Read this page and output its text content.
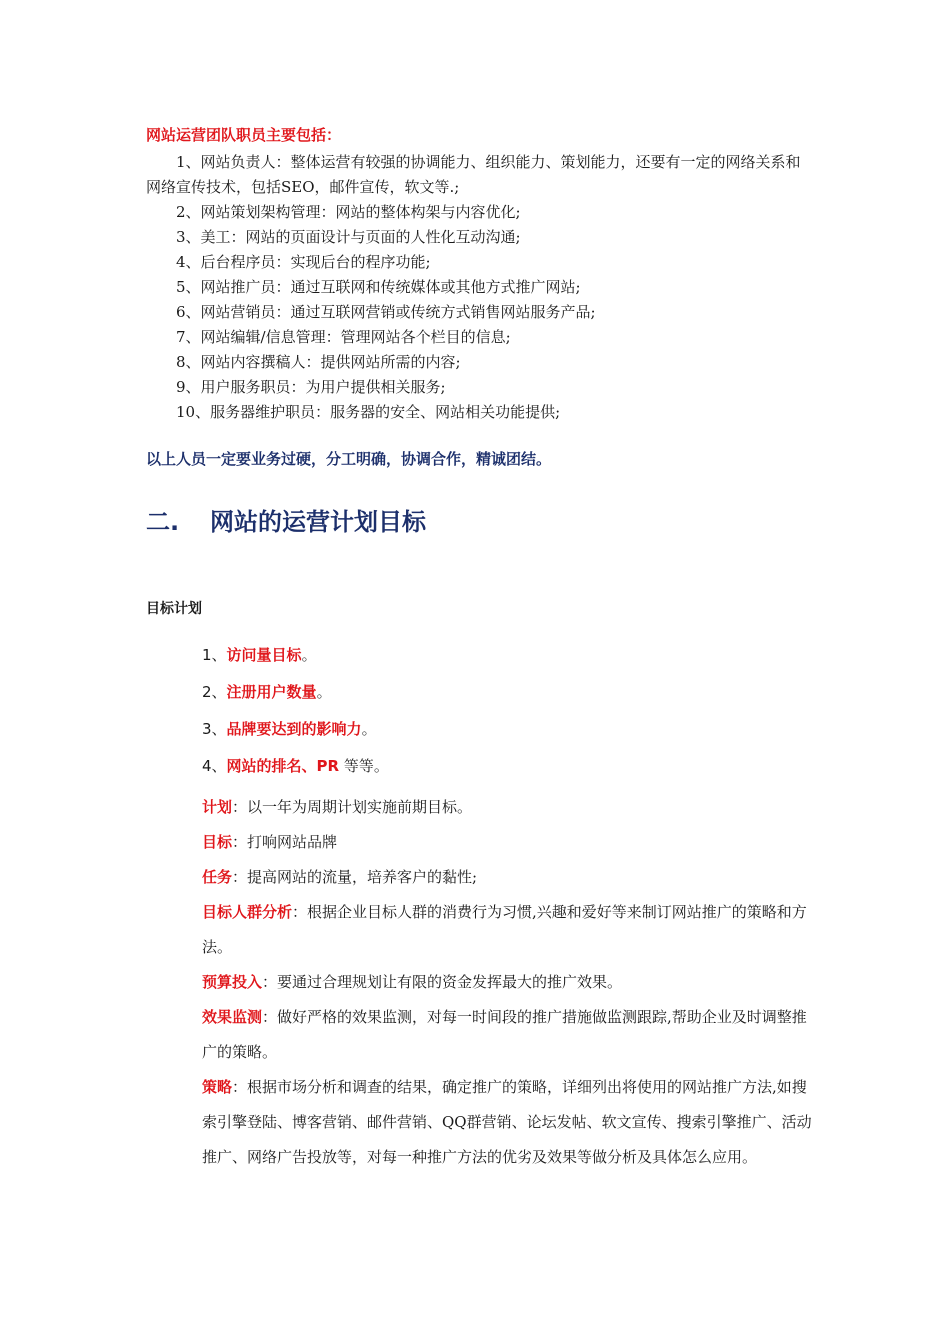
网站运营团队职员主要包括：

1、网站负责人：整体运营有较强的协调能力、组织能力、策划能力，还要有一定的网络关系和网络宣传技术，包括SEO，邮件宣传，软文等.;

2、网站策划架构管理：网站的整体构架与内容优化;

3、美工：网站的页面设计与页面的人性化互动沟通;

4、后台程序员：实现后台的程序功能;

5、网站推广员：通过互联网和传统媒体或其他方式推广网站;

6、网站营销员：通过互联网营销或传统方式销售网站服务产品;

7、网站编辑/信息管理：管理网站各个栏目的信息;

8、网站内容撰稿人：提供网站所需的内容;

9、用户服务职员：为用户提供相关服务;

10、服务器维护职员：服务器的安全、网站相关功能提供;

以上人员一定要业务过硬，分工明确，协调合作，精诚团结。
二. 网站的运营计划目标
目标计划
1、访问量目标。
2、注册用户数量。
3、品牌要达到的影响力。
4、网站的排名、PR 等等。

计划：以一年为周期计划实施前期目标。

目标：打响网站品牌

任务：提高网站的流量，培养客户的黏性;

目标人群分析：根据企业目标人群的消费行为习惯,兴趣和爱好等来制订网站推广的策略和方法。

预算投入：要通过合理规划让有限的资金发挥最大的推广效果。

效果监测：做好严格的效果监测，对每一时间段的推广措施做监测跟踪,帮助企业及时调整推广的策略。

策略：根据市场分析和调查的结果，确定推广的策略，详细列出将使用的网站推广方法,如搜索引擎登陆、博客营销、邮件营销、QQ群营销、论坛发帖、软文宣传、搜索引擎推广、活动推广、网络广告投放等，对每一种推广方法的优劣及效果等做分析及具体怎么应用。
